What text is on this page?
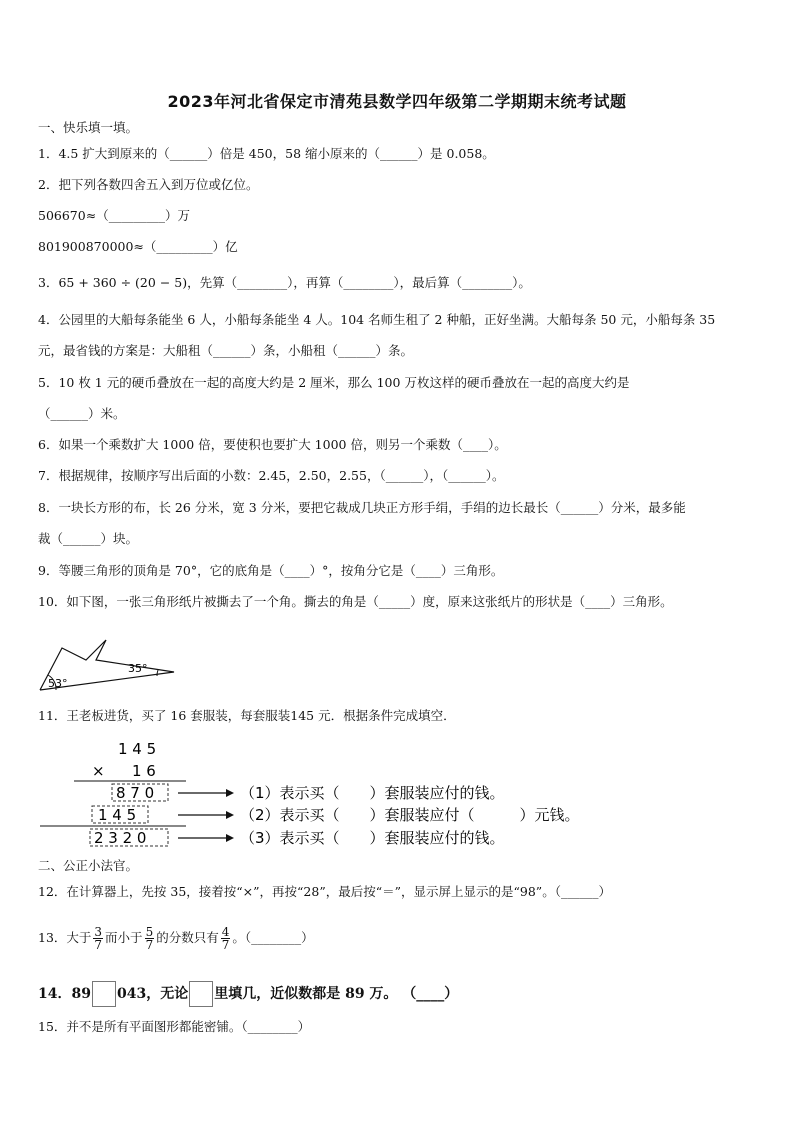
2023年河北省保定市清苑县数学四年级第二学期期末统考试题
一、快乐填一填。
1．4.5 扩大到原来的（______）倍是 450，58 缩小原来的（______）是 0.058。
2．把下列各数四舍五入到万位或亿位。
506670≈（_________）万
801900870000≈（_________）亿
3．65 + 360 ÷ (20 − 5)，先算（________），再算（________），最后算（________）。
4．公园里的大船每条能坐 6 人，小船每条能坐 4 人。104 名师生租了 2 种船，正好坐满。大船每条 50 元，小船每条 35
元，最省钱的方案是：大船租（______）条，小船租（______）条。
5．10 枚 1 元的硬币叠放在一起的高度大约是 2 厘米，那么 100 万枚这样的硬币叠放在一起的高度大约是
（______）米。
6．如果一个乘数扩大 1000 倍，要使积也要扩大 1000 倍，则另一个乘数（____）。
7．根据规律，按顺序写出后面的小数：2.45，2.50，2.55，（______），（______）。
8．一块长方形的布，长 26 分米，宽 3 分米，要把它裁成几块正方形手绢，手绢的边长最长（______）分米，最多能
裁（______）块。
9．等腰三角形的顶角是 70°，它的底角是（____）°，按角分它是（____）三角形。
10．如下图，一张三角形纸片被撕去了一个角。撕去的角是（_____）度，原来这张纸片的形状是（____）三角形。
53°
35°
11．王老板进货，买了 16 套服装，每套服装145 元．根据条件完成填空．
1 4 5
× 1 6
8 7 0	（1）表示买（　　）套服装应付的钱。
1 4 5	（2）表示买（　　）套服装应付（　　　）元钱。
2 3 2 0	（3）表示买（　　）套服装应付的钱。
二、公正小法官。
12．在计算器上，先按 35，接着按“×”，再按“28”，最后按“＝”，显示屏上显示的是“98”。（______）
13．大于 $\frac{3}{7}$ 而小于 $\frac{5}{7}$ 的分数只有 $\frac{4}{7}$ 。（________）
14．89 043，无论 里填几，近似数都是 89 万。 （____）
15．并不是所有平面图形都能密铺。（________）
